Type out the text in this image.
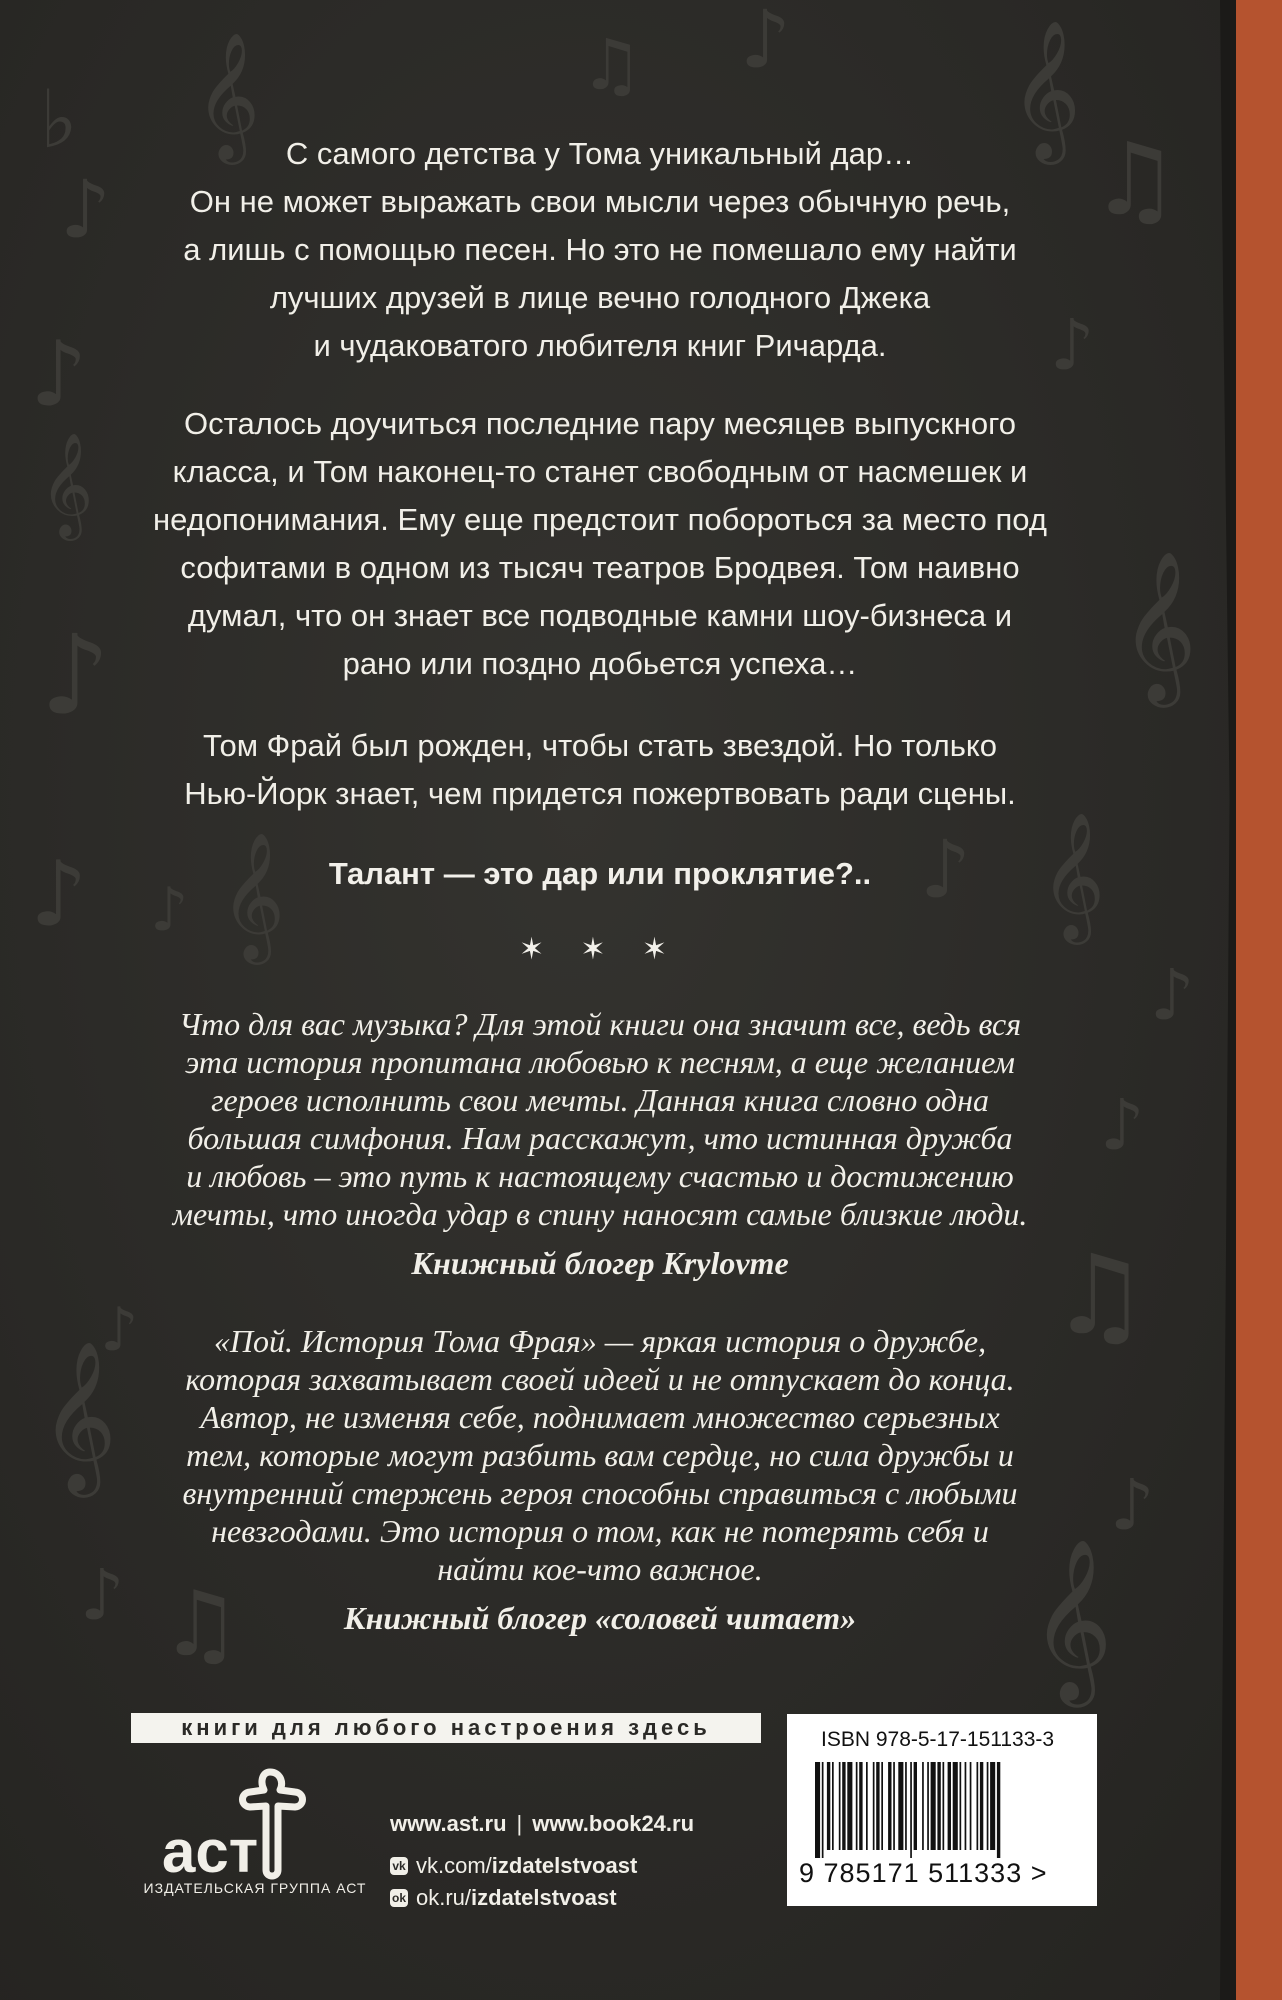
𝄞
♭
♫ ♪ 𝄞
♫
♪
♪	♪
𝄞
𝄞
♪
♪ ♪ 𝄞	♪ 𝄞
♪
♪
♫
♪
𝄞
♪
♪ ♫	𝄞
С самого детства у Тома уникальный дар…
Он не может выражать свои мысли через обычную речь,
а лишь с помощью песен. Но это не помешало ему найти
лучших друзей в лице вечно голодного Джека
и чудаковатого любителя книг Ричарда.
Осталось доучиться последние пару месяцев выпускного
класса, и Том наконец-то станет свободным от насмешек и
недопонимания. Ему еще предстоит побороться за место под
софитами в одном из тысяч театров Бродвея. Том наивно
думал, что он знает все подводные камни шоу-бизнеса и
рано или поздно добьется успеха…
Том Фрай был рожден, чтобы стать звездой. Но только
Нью-Йорк знает, чем придется пожертвовать ради сцены.
Талант — это дар или проклятие?..
✶ ✶ ✶
Что для вас музыка? Для этой книги она значит все, ведь вся
эта история пропитана любовью к песням, а еще желанием
героев исполнить свои мечты. Данная книга словно одна
большая симфония. Нам расскажут, что истинная дружба
и любовь – это путь к настоящему счастью и достижению
мечты, что иногда удар в спину наносят самые близкие люди.
Книжный блогер Krylovme
«Пой. История Тома Фрая» — яркая история о дружбе,
которая захватывает своей идеей и не отпускает до конца.
Автор, не изменяя себе, поднимает множество серьезных
тем, которые могут разбить вам сердце, но сила дружбы и
внутренний стержень героя способны справиться с любыми
невзгодами. Это история о том, как не потерять себя и
найти кое-что важное.
Книжный блогер «соловей читает»
книги для любого настроения здесь
аст
ИЗДАТЕЛЬСКАЯ ГРУППА АСТ
www.ast.ru | www.book24.ru
vk vk.com/izdatelstvoast
ok ok.ru/izdatelstvoast
ISBN 978-5-17-151133-3
9 785171 511333 >
